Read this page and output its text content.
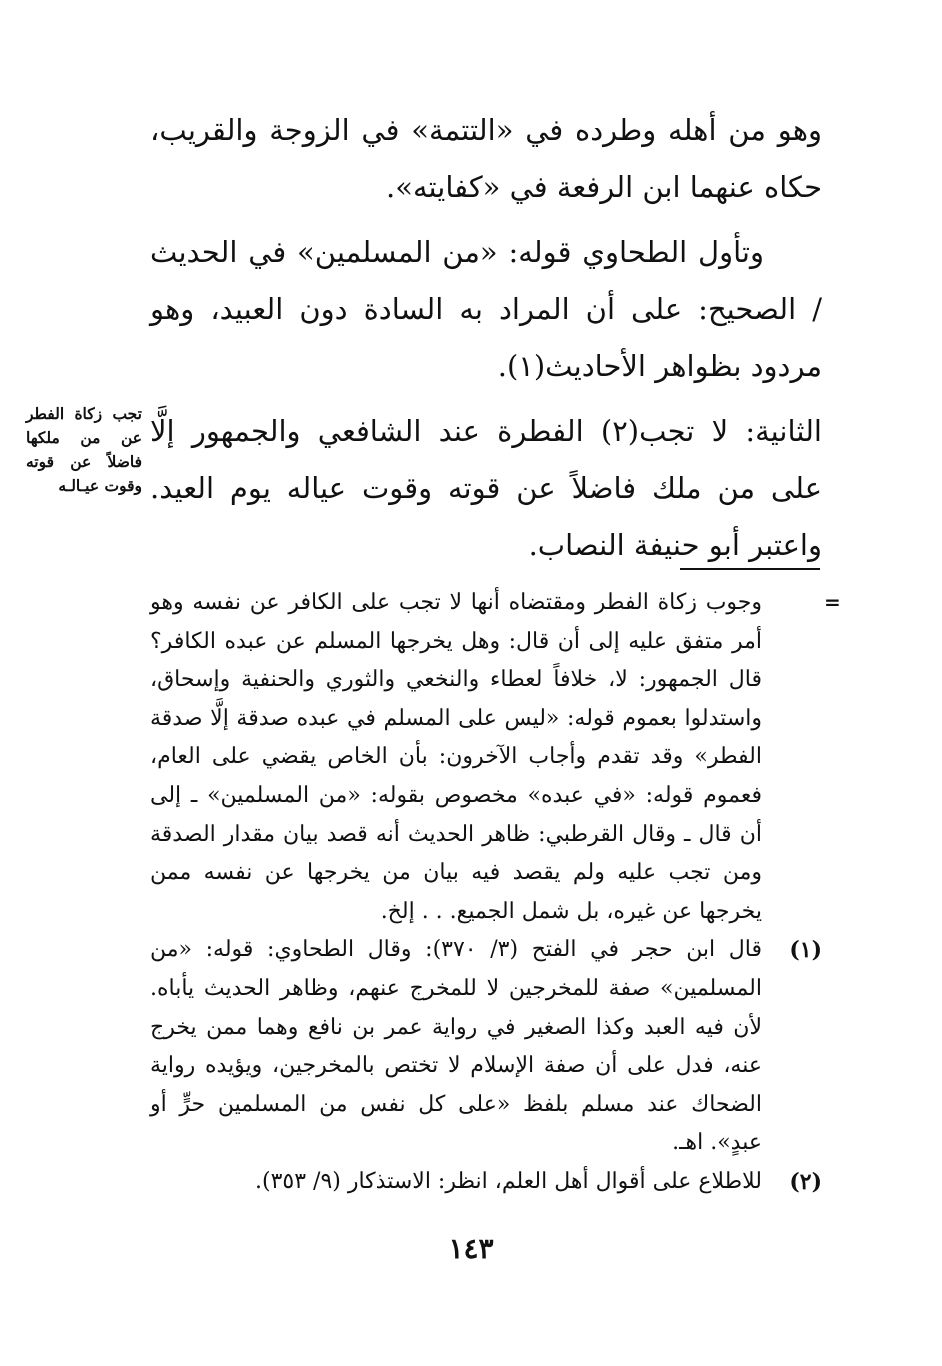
وهو من أهله وطرده في «التتمة» في الزوجة والقريب، حكاه عنهما ابن الرفعة في «كفايته».

وتأول الطحاوي قوله: «من المسلمين» في الحديث / الصحيح: على أن المراد به السادة دون العبيد، وهو مردود بظواهر الأحاديث(١).

الثانية: لا تجب(٢) الفطرة عند الشافعي والجمهور إلَّا على من ملك فاضلاً عن قوته وقوت عياله يوم العيد. واعتبر أبو حنيفة النصاب.

تجب زكاة الفطر عن من ملكها فاضلاً عن قوته وقوت عيـالـه
=

وجوب زكاة الفطر ومقتضاه أنها لا تجب على الكافر عن نفسه وهو أمر متفق عليه إلى أن قال: وهل يخرجها المسلم عن عبده الكافر؟ قال الجمهور: لا، خلافاً لعطاء والنخعي والثوري والحنفية وإسحاق، واستدلوا بعموم قوله: «ليس على المسلم في عبده صدقة إلَّا صدقة الفطر» وقد تقدم وأجاب الآخرون: بأن الخاص يقضي على العام، فعموم قوله: «في عبده» مخصوص بقوله: «من المسلمين» ـ إلى أن قال ـ وقال القرطبي: ظاهر الحديث أنه قصد بيان مقدار الصدقة ومن تجب عليه ولم يقصد فيه بيان من يخرجها عن نفسه ممن يخرجها عن غيره، بل شمل الجميع. . . إلخ.

(١)
قال ابن حجر في الفتح (٣/ ٣٧٠): وقال الطحاوي: قوله: «من المسلمين» صفة للمخرجين لا للمخرج عنهم، وظاهر الحديث يأباه. لأن فيه العبد وكذا الصغير في رواية عمر بن نافع وهما ممن يخرج عنه، فدل على أن صفة الإسلام لا تختص بالمخرجين، ويؤيده رواية الضحاك عند مسلم بلفظ «على كل نفس من المسلمين حرٍّ أو عبدٍ». اهـ.
(٢)
للاطلاع على أقوال أهل العلم، انظر: الاستذكار (٩/ ٣٥٣).
١٤٣
